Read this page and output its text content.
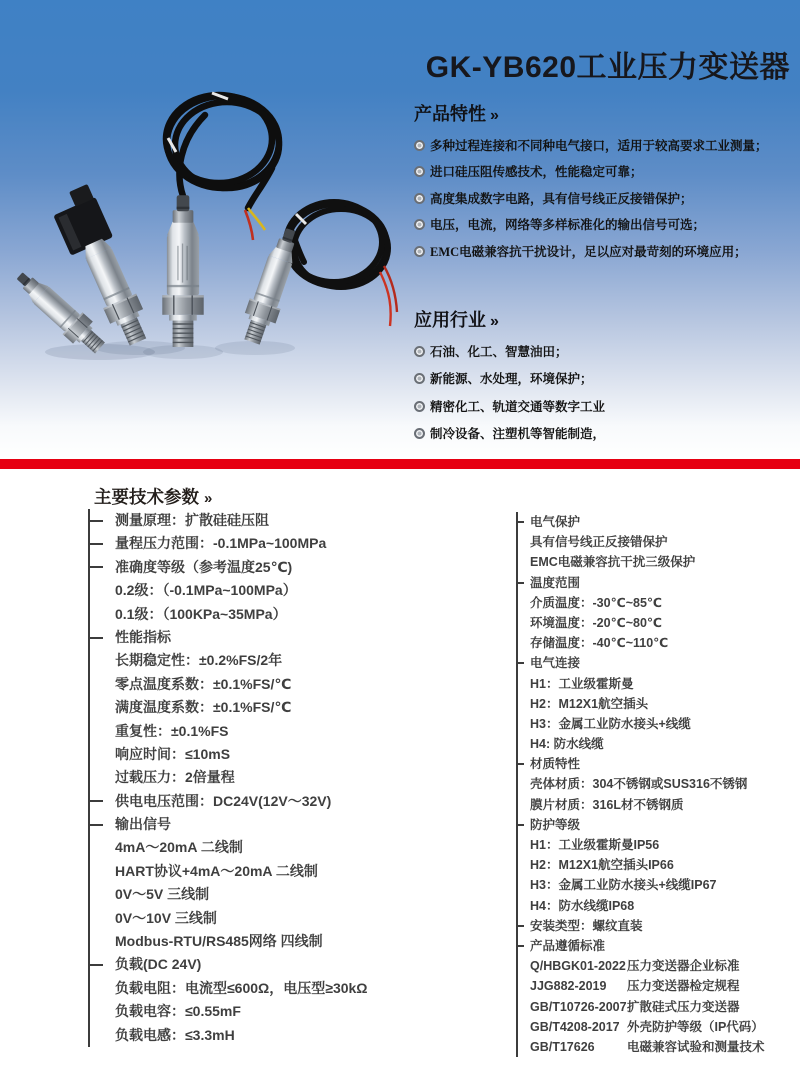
GK-YB620工业压力变送器
产品特性 »
多种过程连接和不同种电气接口，适用于较高要求工业测量；
进口硅压阻传感技术，性能稳定可靠；
高度集成数字电路，具有信号线正反接错保护；
电压，电流，网络等多样标准化的输出信号可选；
EMC电磁兼容抗干扰设计，足以应对最苛刻的环境应用；
应用行业 »
石油、化工、智慧油田；
新能源、水处理，环境保护；
精密化工、轨道交通等数字工业
制冷设备、注塑机等智能制造，
主要技术参数 »
测量原理：扩散硅硅压阻
量程压力范围：-0.1MPa~100MPa
准确度等级（参考温度25℃)
0.2级：（-0.1MPa~100MPa）
0.1级：（100KPa~35MPa）
性能指标
长期稳定性：±0.2%FS/2年
零点温度系数：±0.1%FS/℃
满度温度系数：±0.1%FS/℃
重复性：±0.1%FS
响应时间：≤10mS
过载压力：2倍量程
供电电压范围：DC24V(12V～32V)
输出信号
4mA～20mA 二线制
HART协议+4mA～20mA 二线制
0V～5V 三线制
0V～10V 三线制
Modbus-RTU/RS485网络 四线制
负载(DC 24V)
负载电阻：电流型≤600Ω，电压型≥30kΩ
负载电容：≤0.55mF
负载电感：≤3.3mH
电气保护
具有信号线正反接错保护
EMC电磁兼容抗干扰三级保护
温度范围
介质温度：-30℃~85℃
环境温度：-20℃~80℃
存储温度：-40℃~110℃
电气连接
H1：工业级霍斯曼
H2：M12X1航空插头
H3：金属工业防水接头+线缆
H4: 防水线缆
材质特性
壳体材质：304不锈钢或SUS316不锈钢
膜片材质：316L材不锈钢质
防护等级
H1：工业级霍斯曼IP56
H2：M12X1航空插头IP66
H3：金属工业防水接头+线缆IP67
H4：防水线缆IP68
安装类型：螺纹直装
产品遵循标准
Q/HBGK01-2022压力变送器企业标准
JJG882-2019 压力变送器检定规程
GB/T10726-2007扩散硅式压力变送器
GB/T4208-2017 外壳防护等级（IP代码）
GB/T17626	电磁兼容试验和测量技术
